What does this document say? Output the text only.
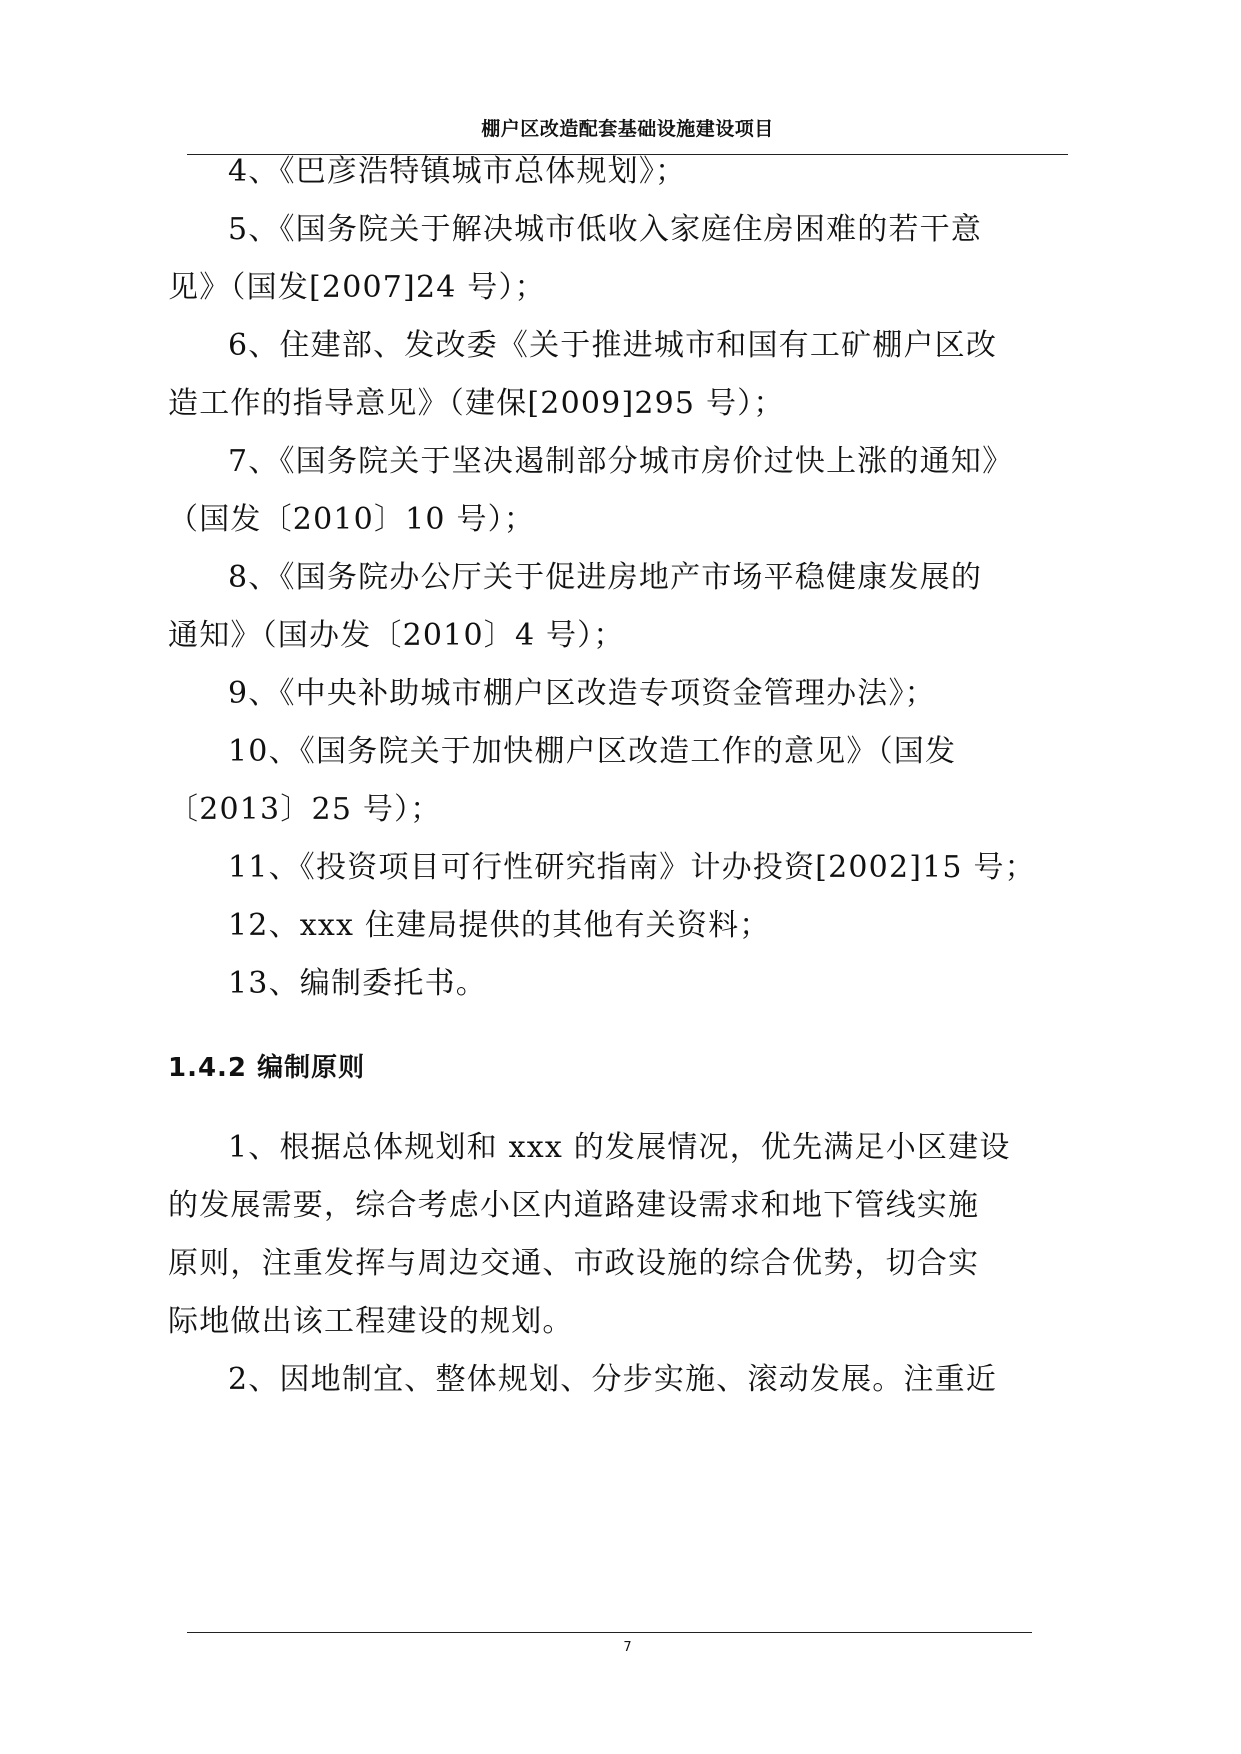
棚户区改造配套基础设施建设项目
4、《巴彦浩特镇城市总体规划》；
5、《国务院关于解决城市低收入家庭住房困难的若干意
见》（国发[2007]24 号）；
6、住建部、发改委《关于推进城市和国有工矿棚户区改
造工作的指导意见》（建保[2009]295 号）；
7、《国务院关于坚决遏制部分城市房价过快上涨的通知》
（国发〔2010〕10 号）；
8、《国务院办公厅关于促进房地产市场平稳健康发展的
通知》（国办发〔2010〕4 号）；
9、《中央补助城市棚户区改造专项资金管理办法》；
10、《国务院关于加快棚户区改造工作的意见》（国发
〔2013〕25 号）；
11、《投资项目可行性研究指南》计办投资[2002]15 号；
12、xxx 住建局提供的其他有关资料；
13、编制委托书。
1.4.2 编制原则
1、根据总体规划和 xxx 的发展情况，优先满足小区建设
的发展需要，综合考虑小区内道路建设需求和地下管线实施
原则，注重发挥与周边交通、市政设施的综合优势，切合实
际地做出该工程建设的规划。
2、因地制宜、整体规划、分步实施、滚动发展。注重近
7
